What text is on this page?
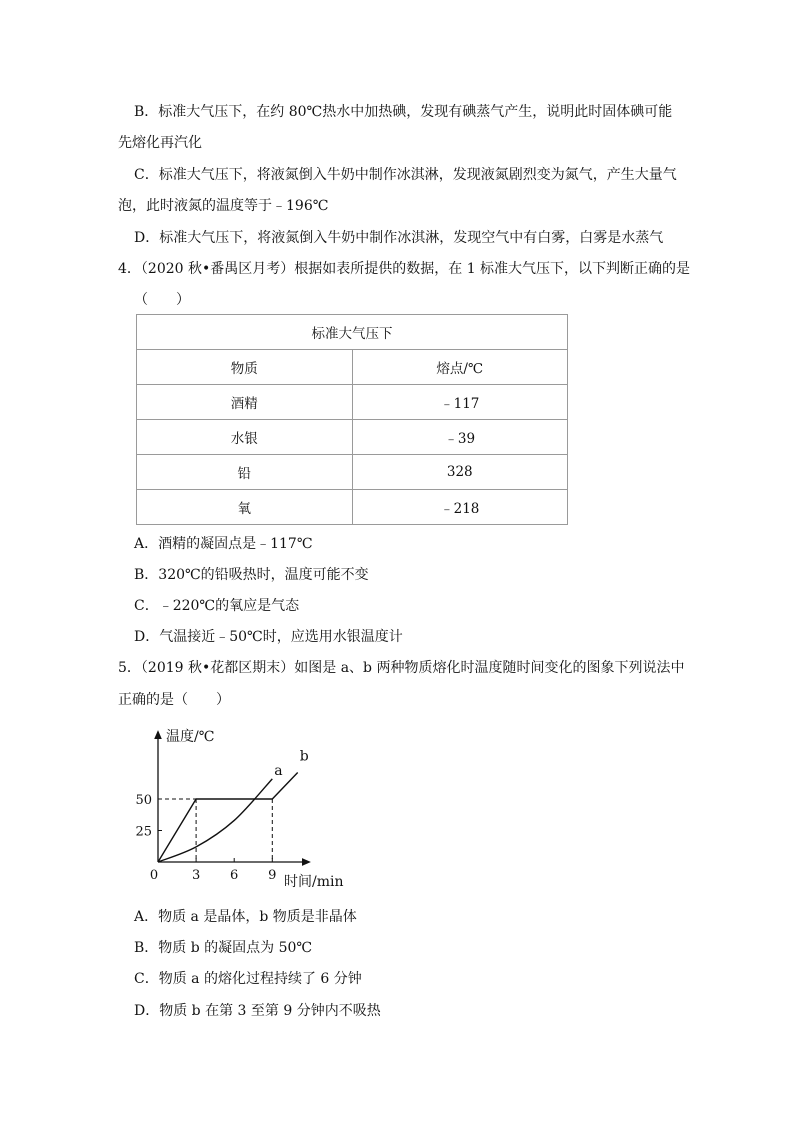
B．标准大气压下，在约 80℃热水中加热碘，发现有碘蒸气产生，说明此时固体碘可能
先熔化再汽化
C．标准大气压下，将液氮倒入牛奶中制作冰淇淋，发现液氮剧烈变为氮气，产生大量气
泡，此时液氮的温度等于﹣196℃
D．标准大气压下，将液氮倒入牛奶中制作冰淇淋，发现空气中有白雾，白雾是水蒸气
4．（2020 秋•番禺区月考）根据如表所提供的数据，在 1 标准大气压下，以下判断正确的是
（　　）
标准大气压下	
物质	熔点/℃
酒精	﹣117
水银	﹣39
铅	328
氧	﹣218
A．酒精的凝固点是﹣117℃
B．320℃的铅吸热时，温度可能不变
C．﹣220℃的氧应是气态
D．气温接近﹣50℃时，应选用水银温度计
5．（2019 秋•花都区期末）如图是 a、b 两种物质熔化时温度随时间变化的图象下列说法中
正确的是（　　）
0	3 6 9
25
50
a
b
温度/℃
时间/min
A．物质 a 是晶体，b 物质是非晶体
B．物质 b 的凝固点为 50℃
C．物质 a 的熔化过程持续了 6 分钟
D．物质 b 在第 3 至第 9 分钟内不吸热
